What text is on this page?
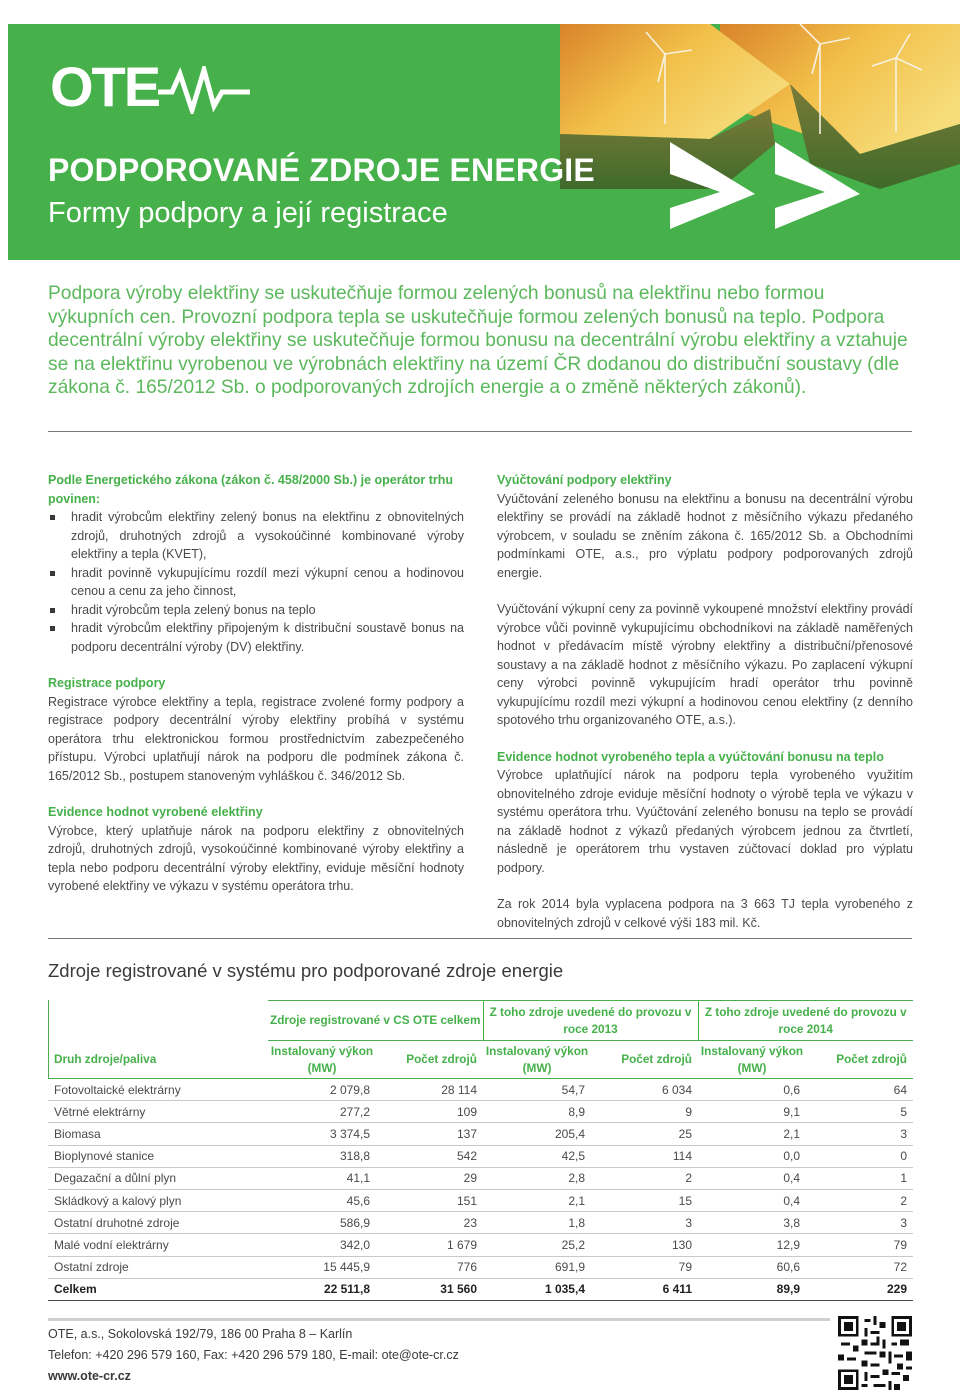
OTE
PODPOROVANÉ ZDROJE ENERGIE
Formy podpory a její registrace
Podpora výroby elektřiny se uskutečňuje formou zelených bonusů na elektřinu nebo formou výkupních cen. Provozní podpora tepla se uskutečňuje formou zelených bonusů na teplo. Podpora decentrální výroby elektřiny se uskutečňuje formou bonusu na decentrální výrobu elektřiny a vztahuje se na elektřinu vyrobenou ve výrobnách elektřiny na území ČR dodanou do distribuční soustavy (dle zákona č. 165/2012 Sb. o podporovaných zdrojích energie a o změně některých zákonů).
Podle Energetického zákona (zákon č. 458/2000 Sb.) je operátor trhu povinen:
hradit výrobcům elektřiny zelený bonus na elektřinu z obnovitelných zdrojů, druhotných zdrojů a vysokoúčinné kombinované výroby elektřiny a tepla (KVET),
hradit povinně vykupujícímu rozdíl mezi výkupní cenou a hodinovou cenou a cenu za jeho činnost,
hradit výrobcům tepla zelený bonus na teplo
hradit výrobcům elektřiny připojeným k distribuční soustavě bonus na podporu decentrální výroby (DV) elektřiny.
Registrace podpory
Registrace výrobce elektřiny a tepla, registrace zvolené formy podpory a registrace podpory decentrální výroby elektřiny probíhá v systému operátora trhu elektronickou formou prostřednictvím zabezpečeného přístupu. Výrobci uplatňují nárok na podporu dle podmínek zákona č. 165/2012 Sb., postupem stanoveným vyhláškou č. 346/2012 Sb.
Evidence hodnot vyrobené elektřiny
Výrobce, který uplatňuje nárok na podporu elektřiny z obnovitelných zdrojů, druhotných zdrojů, vysokoúčinné kombinované výroby elektřiny a tepla nebo podporu decentrální výroby elektřiny, eviduje měsíční hodnoty vyrobené elektřiny ve výkazu v systému operátora trhu.
Vyúčtování podpory elektřiny
Vyúčtování zeleného bonusu na elektřinu a bonusu na decentrální výrobu elektřiny se provádí na základě hodnot z měsíčního výkazu předaného výrobcem, v souladu se zněním zákona č. 165/2012 Sb. a Obchodními podmínkami OTE, a.s., pro výplatu podpory podporovaných zdrojů energie.
Vyúčtování výkupní ceny za povinně vykoupené množství elektřiny provádí výrobce vůči povinně vykupujícímu obchodníkovi na základě naměřených hodnot v předávacím místě výrobny elektřiny a distribuční/přenosové soustavy a na základě hodnot z měsíčního výkazu. Po zaplacení výkupní ceny výrobci povinně vykupujícím hradí operátor trhu povinně vykupujícímu rozdíl mezi výkupní a hodinovou cenou elektřiny (z denního spotového trhu organizovaného OTE, a.s.).
Evidence hodnot vyrobeného tepla a vyúčtování bonusu na teplo
Výrobce uplatňující nárok na podporu tepla vyrobeného využitím obnovitelného zdroje eviduje měsíční hodnoty o výrobě tepla ve výkazu v systému operátora trhu. Vyúčtování zeleného bonusu na teplo se provádí na základě hodnot z výkazů předaných výrobcem jednou za čtvrtletí, následně je operátorem trhu vystaven zúčtovací doklad pro výplatu podpory.
Za rok 2014 byla vyplacena podpora na 3 663 TJ tepla vyrobeného z obnovitelných zdrojů v celkové výši 183 mil. Kč.
Zdroje registrované v systému pro podporované zdroje energie
	Zdroje registrované v CS OTE celkem		Z toho zdroje uvedené do provozu v roce 2013		Z toho zdroje uvedené do provozu v roce 2014	
Druh zdroje/paliva	Instalovaný výkon (MW)	Počet zdrojů	Instalovaný výkon (MW)	Počet zdrojů	Instalovaný výkon (MW)	Počet zdrojů
Fotovoltaické elektrárny	2 079,8	28 114	54,7	6 034	0,6	64
Větrné elektrárny	277,2	109	8,9	9	9,1	5
Biomasa	3 374,5	137	205,4	25	2,1	3
Bioplynové stanice	318,8	542	42,5	114	0,0	0
Degazační a důlní plyn	41,1	29	2,8	2	0,4	1
Skládkový a kalový plyn	45,6	151	2,1	15	0,4	2
Ostatní druhotné zdroje	586,9	23	1,8	3	3,8	3
Malé vodní elektrárny	342,0	1 679	25,2	130	12,9	79
Ostatní zdroje	15 445,9	776	691,9	79	60,6	72
Celkem	22 511,8	31 560	1 035,4	6 411	89,9	229
OTE, a.s., Sokolovská 192/79, 186 00 Praha 8 – Karlín
Telefon: +420 296 579 160, Fax: +420 296 579 180, E-mail: ote@ote-cr.cz
www.ote-cr.cz
